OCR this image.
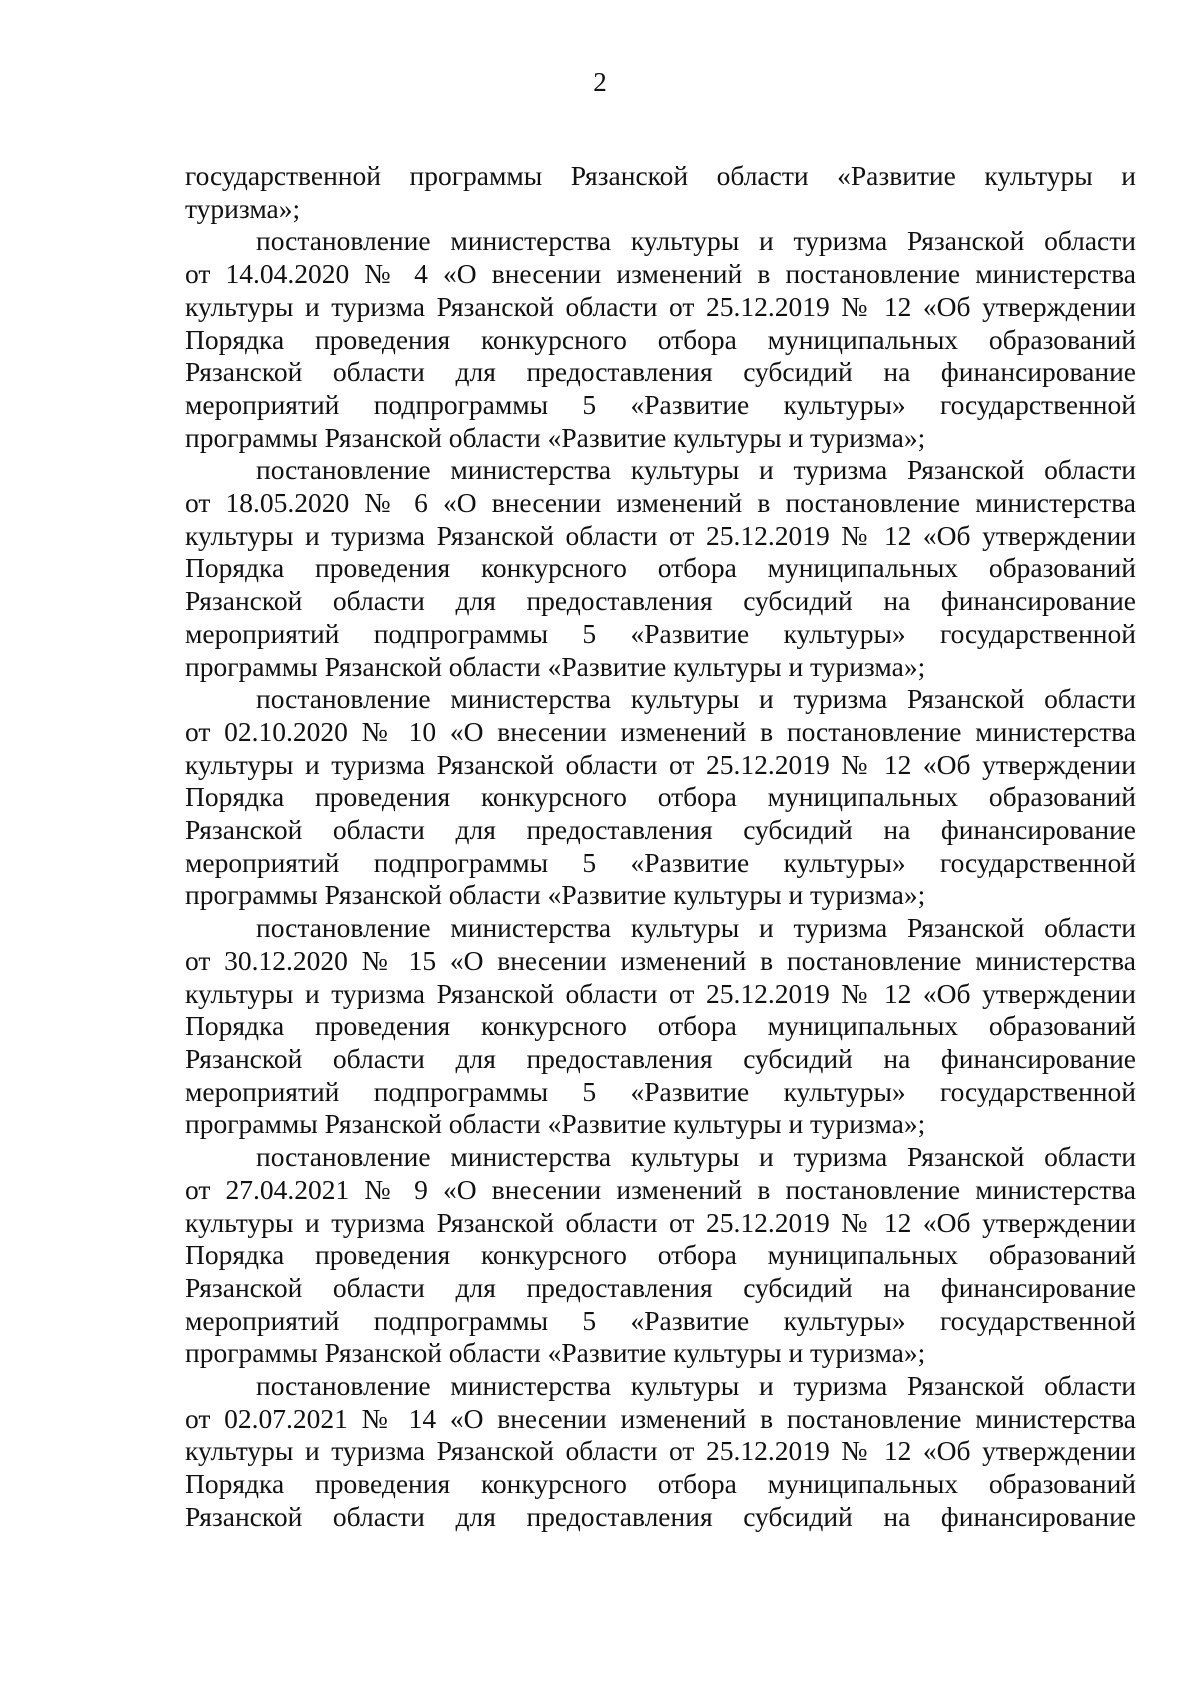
2
государственной программы Рязанской области «Развитие культуры и
туризма»;
постановление министерства культуры и туризма Рязанской области
от 14.04.2020 № 4 «О внесении изменений в постановление министерства
культуры и туризма Рязанской области от 25.12.2019 № 12 «Об утверждении
Порядка проведения конкурсного отбора муниципальных образований
Рязанской области для предоставления субсидий на финансирование
мероприятий подпрограммы 5 «Развитие культуры» государственной
программы Рязанской области «Развитие культуры и туризма»;
постановление министерства культуры и туризма Рязанской области
от 18.05.2020 № 6 «О внесении изменений в постановление министерства
культуры и туризма Рязанской области от 25.12.2019 № 12 «Об утверждении
Порядка проведения конкурсного отбора муниципальных образований
Рязанской области для предоставления субсидий на финансирование
мероприятий подпрограммы 5 «Развитие культуры» государственной
программы Рязанской области «Развитие культуры и туризма»;
постановление министерства культуры и туризма Рязанской области
от 02.10.2020 № 10 «О внесении изменений в постановление министерства
культуры и туризма Рязанской области от 25.12.2019 № 12 «Об утверждении
Порядка проведения конкурсного отбора муниципальных образований
Рязанской области для предоставления субсидий на финансирование
мероприятий подпрограммы 5 «Развитие культуры» государственной
программы Рязанской области «Развитие культуры и туризма»;
постановление министерства культуры и туризма Рязанской области
от 30.12.2020 № 15 «О внесении изменений в постановление министерства
культуры и туризма Рязанской области от 25.12.2019 № 12 «Об утверждении
Порядка проведения конкурсного отбора муниципальных образований
Рязанской области для предоставления субсидий на финансирование
мероприятий подпрограммы 5 «Развитие культуры» государственной
программы Рязанской области «Развитие культуры и туризма»;
постановление министерства культуры и туризма Рязанской области
от 27.04.2021 № 9 «О внесении изменений в постановление министерства
культуры и туризма Рязанской области от 25.12.2019 № 12 «Об утверждении
Порядка проведения конкурсного отбора муниципальных образований
Рязанской области для предоставления субсидий на финансирование
мероприятий подпрограммы 5 «Развитие культуры» государственной
программы Рязанской области «Развитие культуры и туризма»;
постановление министерства культуры и туризма Рязанской области
от 02.07.2021 № 14 «О внесении изменений в постановление министерства
культуры и туризма Рязанской области от 25.12.2019 № 12 «Об утверждении
Порядка проведения конкурсного отбора муниципальных образований
Рязанской области для предоставления субсидий на финансирование
